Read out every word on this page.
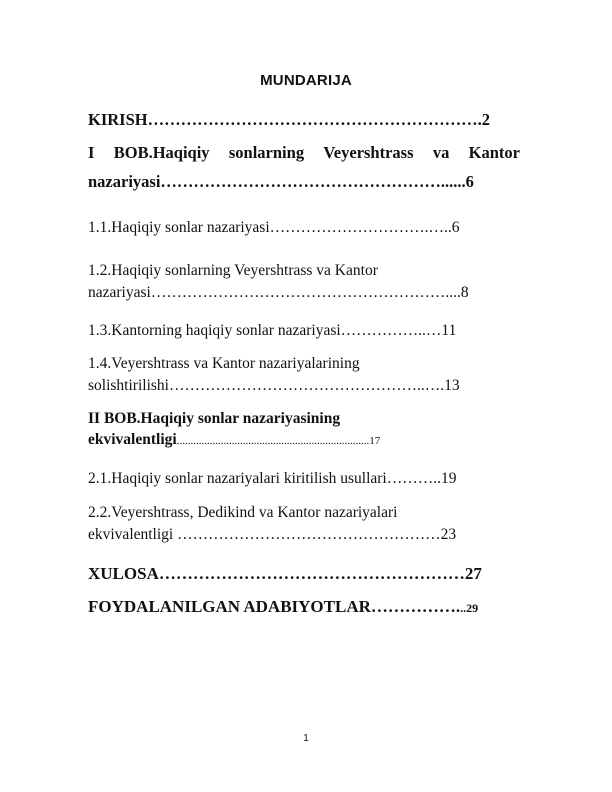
MUNDARIJA
KIRISH…………………………………………………….2
I BOB.Haqiqiy sonlarning Veyershtrass va Kantor
nazariyasi……………………………………………......6
1.1.Haqiqiy sonlar nazariyasi………………………….…..6
1.2.Haqiqiy sonlarning Veyershtrass va Kantor
nazariyasi…………………………………………………....8
1.3.Kantorning haqiqiy sonlar nazariyasi……………..…11
1.4.Veyershtrass va Kantor nazariyalarining
solishtirilishi…………………………………………..….13
II BOB.Haqiqiy sonlar nazariyasining
ekvivalentligi......................................................................17
2.1.Haqiqiy sonlar nazariyalari kiritilish usullari………..19
2.2.Veyershtrass, Dedikind va Kantor nazariyalari
ekvivalentligi ……………………………………………23
XULOSA………………………………………………27
FOYDALANILGAN ADABIYOTLAR……………...29
1
